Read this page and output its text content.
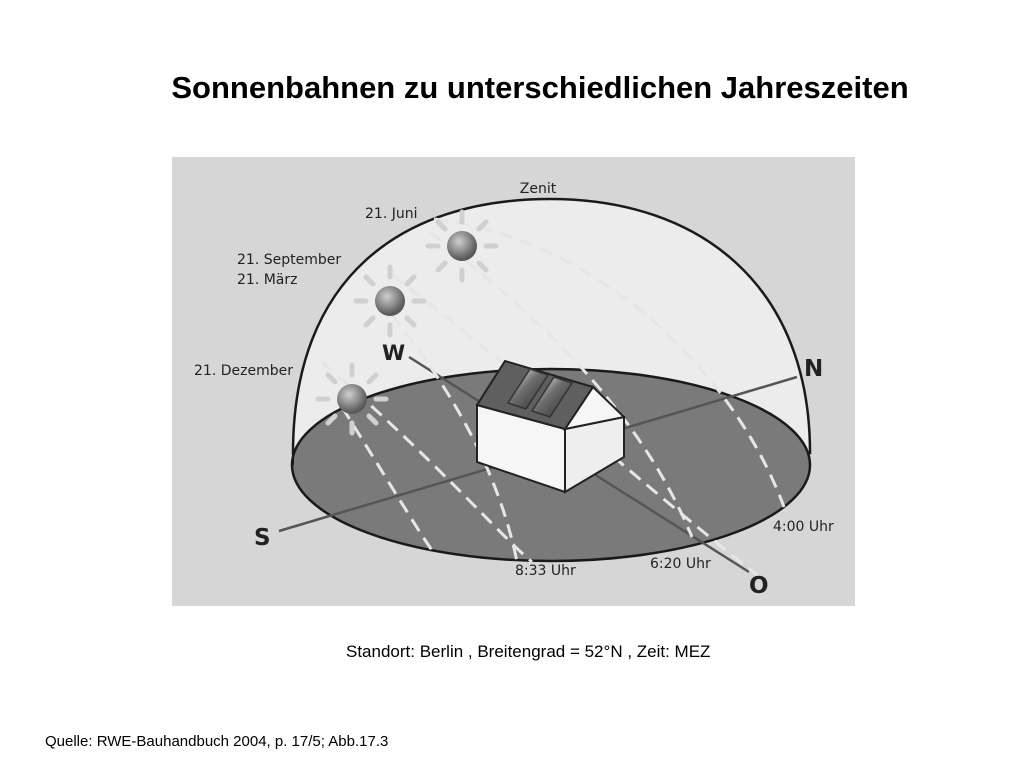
Sonnenbahnen zu unterschiedlichen Jahreszeiten
Zenit
21. Juni
21. September
21. März
21. Dezember
W
N
S
O
4:00 Uhr
6:20 Uhr
8:33 Uhr
Standort: Berlin , Breitengrad = 52°N , Zeit: MEZ
Quelle: RWE-Bauhandbuch 2004, p. 17/5; Abb.17.3
